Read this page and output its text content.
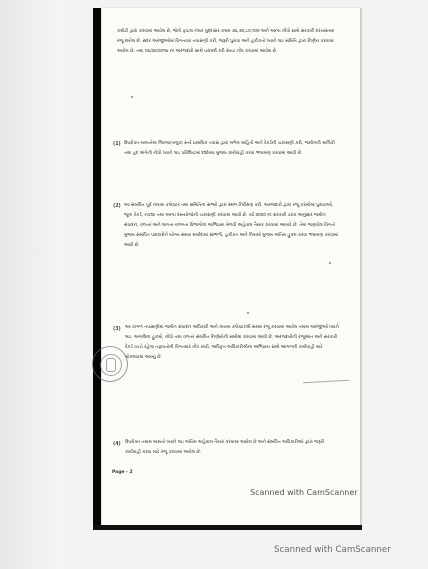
કમીટી દ્વારા કરવામાં આવેલ છે, જેનો ફાઇલ નંબર મુદ્દાસર કલમ ૩૬,૩૦,૮૦,૧૦૦ અને અન્ય નોંધો સાથે સરકારી દરખાસ્તમાં રજૂ થયેલ છે. સદર અરજીઓમાં વિગતવાર તપાસણી કરી, જરૂરી પુરાવા અને હકીકતો ધ્યાને લઇ સમિતિ દ્વારા નિર્ણય કરવામાં આવેલ છે, તથા ૦૬/૦૪/૨૦૧૪ ના અરજદારો સાથે પરામર્શ કરી સ્પષ્ટ નોંધ કરવામાં આવેલ છે.

(1) ઉપરોક્ત બાબતોમાં જિલ્લા/તાલુકા સ્તરે પ્રાથમિક તપાસ દ્વારા મળેલ માહિતી અને રેકર્ડની ચકાસણી કરી, જમીનની માલિકી તથા હદ અંગેની નોંધો ધ્યાને લઇ પરિશિષ્ટમાં દર્શાવ્યા મુજબ કાર્યવાહી કરવા ભલામણ કરવામાં આવી છે.

(2) આ સંબંધિત પૂર્વ નાયબ કલેક્ટર તથા સમિતિના સભ્યો દ્વારા સ્થળ નિરીક્ષણ કરી, અરજદારો દ્વારા રજૂ કરાયેલા પુરાવાઓ, જૂના રેકર્ડ, નકશા તથા અન્ય દસ્તાવેજોની ચકાસણી કરવામાં આવી છે. વર્ષ ૨૦૨૦ ના સરકારી ઠરાવ અનુસાર જમીન સંપાદન, વળતર અને લાગતા-વળગતા વિભાગોના અભિપ્રાય મેળવી અહેવાલ તૈયાર કરવામાં આવ્યો છે. તેમાં જણાવેલ વિગતો મુજબ સંબંધિત પક્ષકારોને યોગ્ય સમય મર્યાદામાં સાંભળી, હકીકત અને નિયમો મુજબ અંતિમ હુકમ કરવા ભલામણ કરવામાં આવી છે.

(3) આ કાગળ તપાસણીમાં જમીન સંપાદન અધિકારી અને નાયબ કલેક્ટરશ્રી સમક્ષ રજૂ કરવામાં આવેલ તમામ અરજીઓ ધ્યાને લઇ, અગાઉના હુકમો, નોંધો તથા વળતર સંબંધિત નિર્ણયોની સમીક્ષા કરવામાં આવી છે. અરજદારોની રજૂઆત અને સરકારી રેકર્ડ વચ્ચે રહેલા તફાવતોની વિગતવાર નોંધ રાખી, અધિકૃત અધિકારીશ્રીના અભિપ્રાય સાથે આગળની કાર્યવાહી માટે મોકલવામાં આવ્યું છે.

(4) ઉપરોક્ત તમામ બાબતો ધ્યાને લઇ અંતિમ અહેવાલ તૈયાર કરવામાં આવેલ છે અને સંબંધિત અધિકારીઓ દ્વારા જરૂરી કાર્યવાહી કરવા માટે રજૂ કરવામાં આવેલ છે.

Page - 2
Scanned with CamScanner
Scanned with CamScanner
